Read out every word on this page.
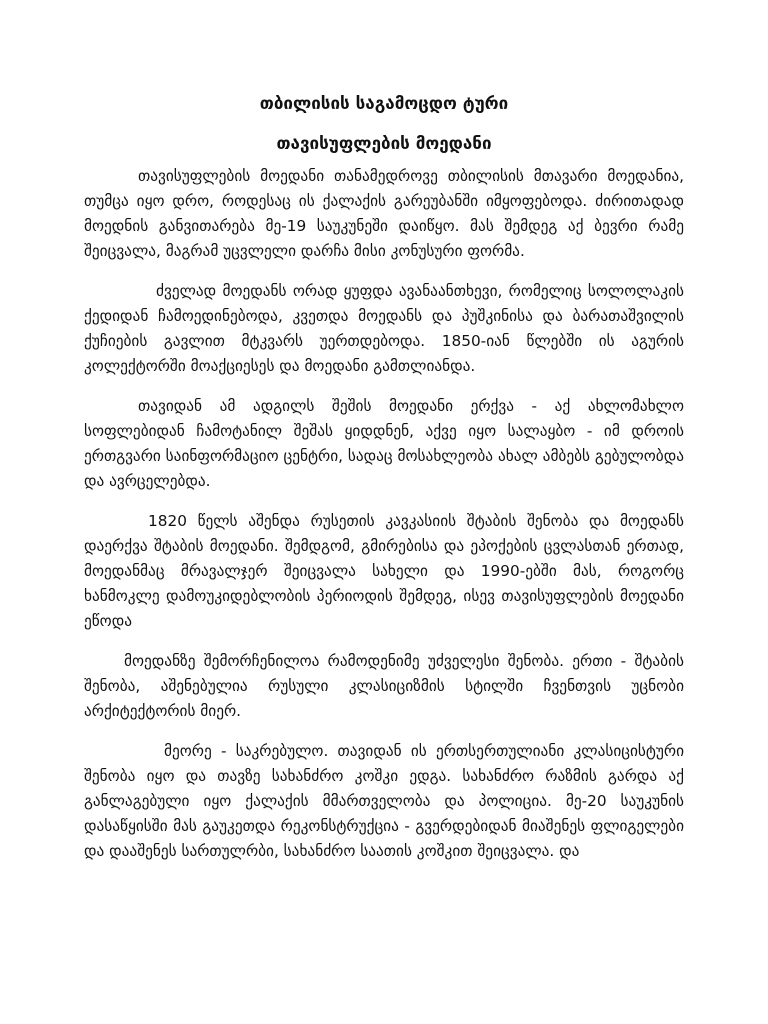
თბილისის საგამოცდო ტური
თავისუფლების მოედანი

თავისუფლების მოედანი თანამედროვე თბილისის მთავარი მოედანია, თუმცა იყო დრო, როდესაც ის ქალაქის გარეუბანში იმყოფებოდა. ძირითადად მოედნის განვითარება მე-19 საუკუნეში დაიწყო. მას შემდეგ აქ ბევრი რამე შეიცვალა, მაგრამ უცვლელი დარჩა მისი კონუსური ფორმა.

ძველად მოედანს ორად ყუფდა ავანაანთხევი, რომელიც სოლოლაკის ქედიდან ჩამოედინებოდა, კვეთდა მოედანს და პუშკინისა და ბარათაშვილის ქუჩიების გავლით მტკვარს უერთდებოდა. 1850-იან წლებში ის აგურის კოლექტორში მოაქციესეს და მოედანი გამთლიანდა.

თავიდან ამ ადგილს შეშის მოედანი ერქვა - აქ ახლომახლო სოფლებიდან ჩამოტანილ შეშას ყიდდნენ, აქვე იყო სალაყბო - იმ დროის ერთგვარი საინფორმაციო ცენტრი, სადაც მოსახლეობა ახალ ამბებს გებულობდა და ავრცელებდა.

1820 წელს აშენდა რუსეთის კავკასიის შტაბის შენობა და მოედანს დაერქვა შტაბის მოედანი. შემდგომ, გმირებისა და ეპოქების ცვლასთან ერთად, მოედანმაც მრავალჯერ შეიცვალა სახელი და 1990-ებში მას, როგორც ხანმოკლე დამოუკიდებლობის პერიოდის შემდეგ, ისევ თავისუფლების მოედანი ეწოდა

მოედანზე შემორჩენილოა რამოდენიმე უძველესი შენობა. ერთი - შტაბის შენობა, აშენებულია რუსული კლასიციზმის სტილში ჩვენთვის უცნობი არქიტექტორის მიერ.

მეორე - საკრებულო. თავიდან ის ერთსერთულიანი კლასიცისტური შენობა იყო და თავზე სახანძრო კოშკი ედგა. სახანძრო რაზმის გარდა აქ განლაგებული იყო ქალაქის მმართველობა და პოლიცია. მე-20 საუკუნის დასაწყისში მას გაუკეთდა რეკონსტრუქცია - გვერდებიდან მიაშენეს ფლიგელები და დააშენეს სართულრბი, სახანძრო საათის კოშკით შეიცვალა. და
